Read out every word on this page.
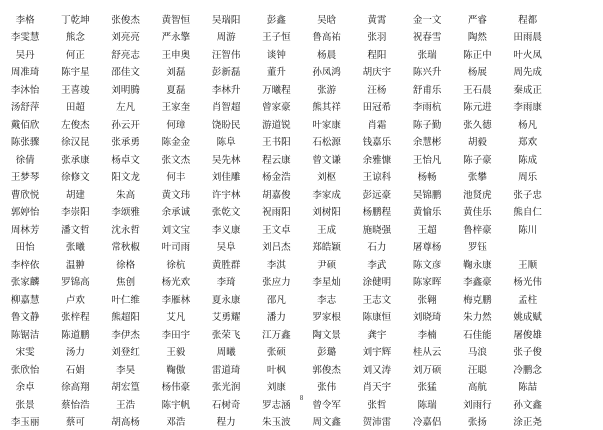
李格	丁乾坤	张俊杰	黄智恒	吴瑞阳	彭鑫	吴晗	黄霄	金一文	严睿	程都
李雯慧	熊念	刘亮亮	严永擎	周游	王子恒	鲁高祐	张羽	祝春雪	陶然	田雨晨
吴丹	何正	舒亮志	王申奥	汪智伟	谈钟	杨晨	程阳	张瑞	陈正中	叶火凤
周准琦	陈宇星	邵佳文	刘磊	彭新磊	董升	孙凤鸿	胡庆宇	陈兴升	杨展	周先成
李沐怡	王喜竣	刘明腾	夏磊	李林升	万曦程	张游	汪杨	舒甫乐	王石晨	秦成正
汤舒萍	田超	左凡	王家奎	肖智超	曾家豪	熊其祥	田冠希	李雨杭	陈元进	李雨康
戴佰欣	左俊杰	孙云开	何璋	饶盼民	游道锐	叶家康	肖霜	陈子勤	张久德	杨凡
陈张骤	徐汉昆	张承勇	陈金金	陈阜	王书阳	石松源	钱嘉乐	余慧彬	胡毅	郑欢
徐倩	张承康	杨卓文	张文杰	吴先林	程云康	曾文谦	余雅慷	王怡凡	陈子豪	陈成
王梦琴	徐修文	阳文龙	何丰	刘佳雕	杨金浩	刘枢	王谅科	杨畅	张攀	周乐
曹欣悦	胡建	朱高	黄文玮	许宇林	胡嘉俊	李家成	彭远豪	吴锦鹏	池贤虎	张子忠
郭婷怡	李崇阳	李颂雅	余承诚	张乾文	祝雨阳	刘树阳	杨鹏程	黄愉乐	黄佳乐	熊自仁
周林芳	潘文哲	沈永哲	刘文宝	李义康	王文卓	王成	施晓强	王超	鲁梓豪	陈川
田怡	张曦	常秋椒	叶司雨	吴阜	刘吕杰	郑皓颖	石力	屠尊杨	罗钰
李梓依	温翀	徐格	徐杭	黄胜群	李淇	尹硕	李武	陈文彦	鞠永康	王顺
张家麟	罗锦高	焦创	杨光欢	李琦	张应力	李星灿	涂健明	陈家晖	李鑫豪	杨光伟
柳嘉慧	卢欢	叶仁维	李雁林	夏永康	邵凡	李志	王志文	张翱	梅克鹏	孟柱
鲁文静	张梓程	熊超阳	艾凡	艾勇耀	潘力	罗家根	陈康恒	刘晓琦	朱力然	姚成赋
陈锯洁	陈道鹏	李伊杰	李田宇	张荣飞	江万鑫	陶文景	龚宇	李楠	石佳能	屠俊雄
宋雯	汤力	刘登红	王毅	周曦	张硕	彭璐	刘宇辉	桂从云	马浪	张子俊
张欣怡	石娟	李昊	鞠傲	雷道琦	叶枫	郭俊杰	刘又涛	刘万硕	汪聪	冷鹏念
余卓	徐高翔	胡宏篁	杨伟豪	张光润	刘康	张伟	肖天宇	张猛	高航	陈喆
张景	蔡怡浩	王浩	陈宇帆	石树奇	罗志涵	曾令军	张哲	陈瑞	刘雨行	孙文鑫
李玉丽	蔡可	胡高杨	邓浩	程力	朱玉波	周文鑫	贺沛雷	冷嘉侣	张扬	涂正尧
8
